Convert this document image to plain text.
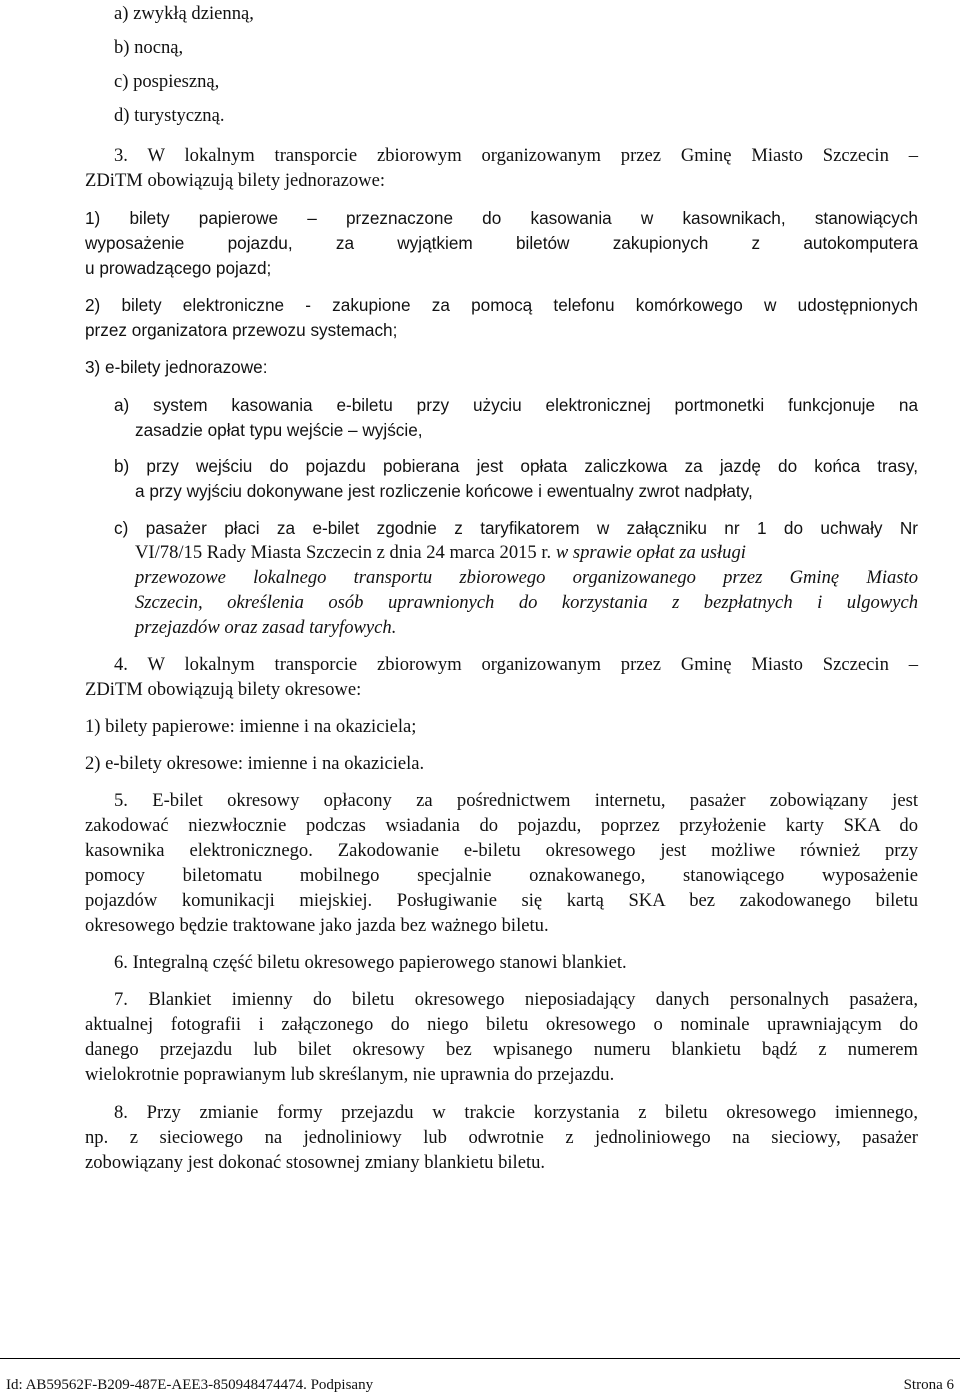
a) zwykłą dzienną,
b) nocną,
c) pospieszną,
d) turystyczną.
3. W lokalnym transporcie zbiorowym organizowanym przez Gminę Miasto Szczecin –
ZDiTM obowiązują bilety jednorazowe:
1) bilety papierowe – przeznaczone do kasowania w kasownikach, stanowiących
wyposażenie pojazdu, za wyjątkiem biletów zakupionych z autokomputera
u prowadzącego pojazd;
2) bilety elektroniczne - zakupione za pomocą telefonu komórkowego w udostępnionych
przez organizatora przewozu systemach;
3) e-bilety jednorazowe:
a) system kasowania e-biletu przy użyciu elektronicznej portmonetki funkcjonuje na
zasadzie opłat typu wejście – wyjście,
b) przy wejściu do pojazdu pobierana jest opłata zaliczkowa za jazdę do końca trasy,
a przy wyjściu dokonywane jest rozliczenie końcowe i ewentualny zwrot nadpłaty,
c) pasażer płaci za e-bilet zgodnie z taryfikatorem w załączniku nr 1 do uchwały Nr
VI/78/15 Rady Miasta Szczecin z dnia 24 marca 2015 r. w sprawie opłat za usługi
przewozowe lokalnego transportu zbiorowego organizowanego przez Gminę Miasto
Szczecin, określenia osób uprawnionych do korzystania z bezpłatnych i ulgowych
przejazdów oraz zasad taryfowych.
4. W lokalnym transporcie zbiorowym organizowanym przez Gminę Miasto Szczecin –
ZDiTM obowiązują bilety okresowe:
1) bilety papierowe: imienne i na okaziciela;
2) e-bilety okresowe: imienne i na okaziciela.
5. E-bilet okresowy opłacony za pośrednictwem internetu, pasażer zobowiązany jest
zakodować niezwłocznie podczas wsiadania do pojazdu, poprzez przyłożenie karty SKA do
kasownika elektronicznego. Zakodowanie e-biletu okresowego jest możliwe również przy
pomocy biletomatu mobilnego specjalnie oznakowanego, stanowiącego wyposażenie
pojazdów komunikacji miejskiej. Posługiwanie się kartą SKA bez zakodowanego biletu
okresowego będzie traktowane jako jazda bez ważnego biletu.
6. Integralną część biletu okresowego papierowego stanowi blankiet.
7. Blankiet imienny do biletu okresowego nieposiadający danych personalnych pasażera,
aktualnej fotografii i załączonego do niego biletu okresowego o nominale uprawniającym do
danego przejazdu lub bilet okresowy bez wpisanego numeru blankietu bądź z numerem
wielokrotnie poprawianym lub skreślanym, nie uprawnia do przejazdu.
8. Przy zmianie formy przejazdu w trakcie korzystania z biletu okresowego imiennego,
np. z sieciowego na jednoliniowy lub odwrotnie z jednoliniowego na sieciowy, pasażer
zobowiązany jest dokonać stosownej zmiany blankietu biletu.
Id: AB59562F-B209-487E-AEE3-850948474474. Podpisany	Strona 6
